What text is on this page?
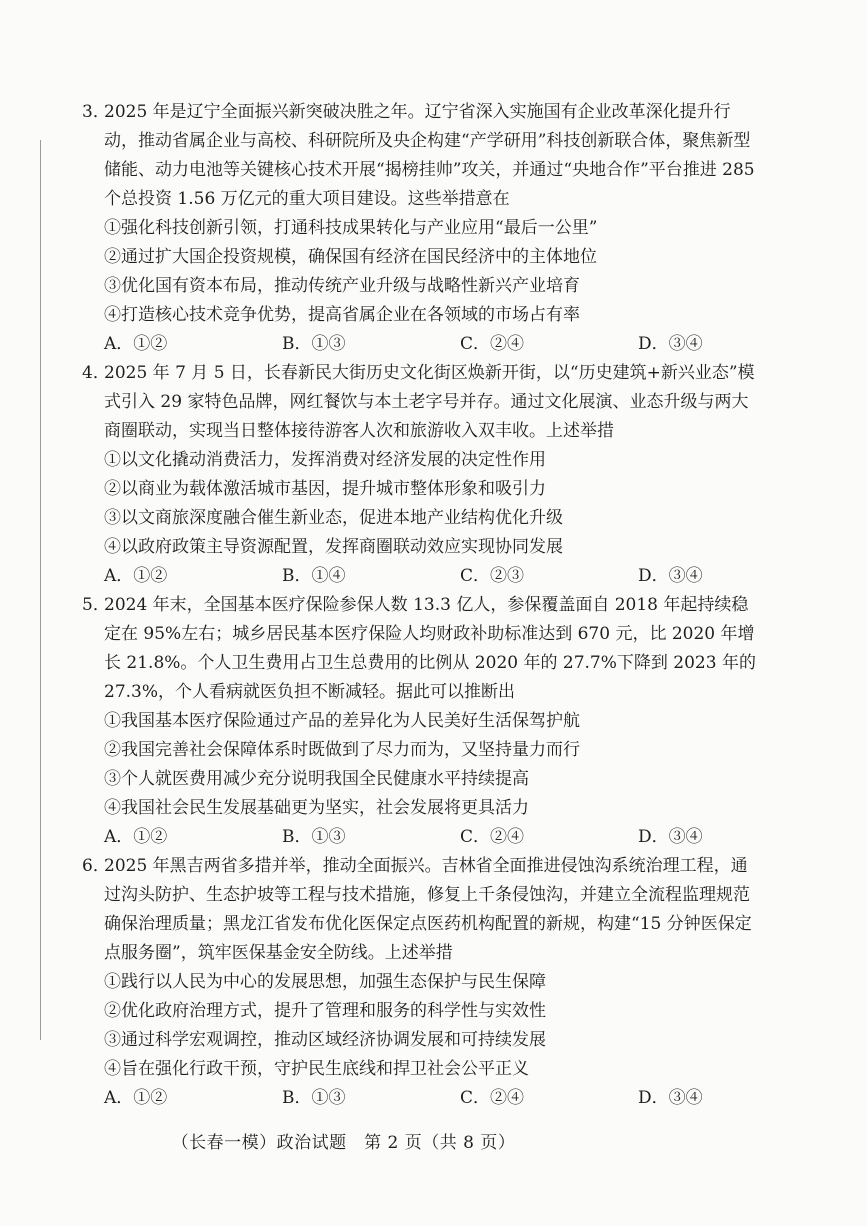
3．
2025 年是辽宁全面振兴新突破决胜之年。辽宁省深入实施国有企业改革深化提升行动，推动省属企业与高校、科研院所及央企构建“产学研用”科技创新联合体，聚焦新型储能、动力电池等关键核心技术开展“揭榜挂帅”攻关，并通过“央地合作”平台推进 285 个总投资 1.56 万亿元的重大项目建设。这些举措意在
①强化科技创新引领，打通科技成果转化与产业应用“最后一公里”
②通过扩大国企投资规模，确保国有经济在国民经济中的主体地位
③优化国有资本布局，推动传统产业升级与战略性新兴产业培育
④打造核心技术竞争优势，提高省属企业在各领域的市场占有率
A．①②	B．①③	C．②④	D．③④
4．
2025 年 7 月 5 日，长春新民大街历史文化街区焕新开街，以“历史建筑+新兴业态”模式引入 29 家特色品牌，网红餐饮与本土老字号并存。通过文化展演、业态升级与两大商圈联动，实现当日整体接待游客人次和旅游收入双丰收。上述举措
①以文化撬动消费活力，发挥消费对经济发展的决定性作用
②以商业为载体激活城市基因，提升城市整体形象和吸引力
③以文商旅深度融合催生新业态，促进本地产业结构优化升级
④以政府政策主导资源配置，发挥商圈联动效应实现协同发展
A．①②	B．①④	C．②③	D．③④
5．
2024 年末，全国基本医疗保险参保人数 13.3 亿人，参保覆盖面自 2018 年起持续稳定在 95%左右；城乡居民基本医疗保险人均财政补助标准达到 670 元，比 2020 年增长 21.8%。个人卫生费用占卫生总费用的比例从 2020 年的 27.7%下降到 2023 年的 27.3%，个人看病就医负担不断减轻。据此可以推断出
①我国基本医疗保险通过产品的差异化为人民美好生活保驾护航
②我国完善社会保障体系时既做到了尽力而为，又坚持量力而行
③个人就医费用减少充分说明我国全民健康水平持续提高
④我国社会民生发展基础更为坚实，社会发展将更具活力
A．①②	B．①③	C．②④	D．③④
6．
2025 年黑吉两省多措并举，推动全面振兴。吉林省全面推进侵蚀沟系统治理工程，通过沟头防护、生态护坡等工程与技术措施，修复上千条侵蚀沟，并建立全流程监理规范确保治理质量；黑龙江省发布优化医保定点医药机构配置的新规，构建“15 分钟医保定点服务圈”，筑牢医保基金安全防线。上述举措
①践行以人民为中心的发展思想，加强生态保护与民生保障
②优化政府治理方式，提升了管理和服务的科学性与实效性
③通过科学宏观调控，推动区域经济协调发展和可持续发展
④旨在强化行政干预，守护民生底线和捍卫社会公平正义
A．①②	B．①③	C．②④	D．③④
（长春一模）政治试题　第 2 页（共 8 页）
